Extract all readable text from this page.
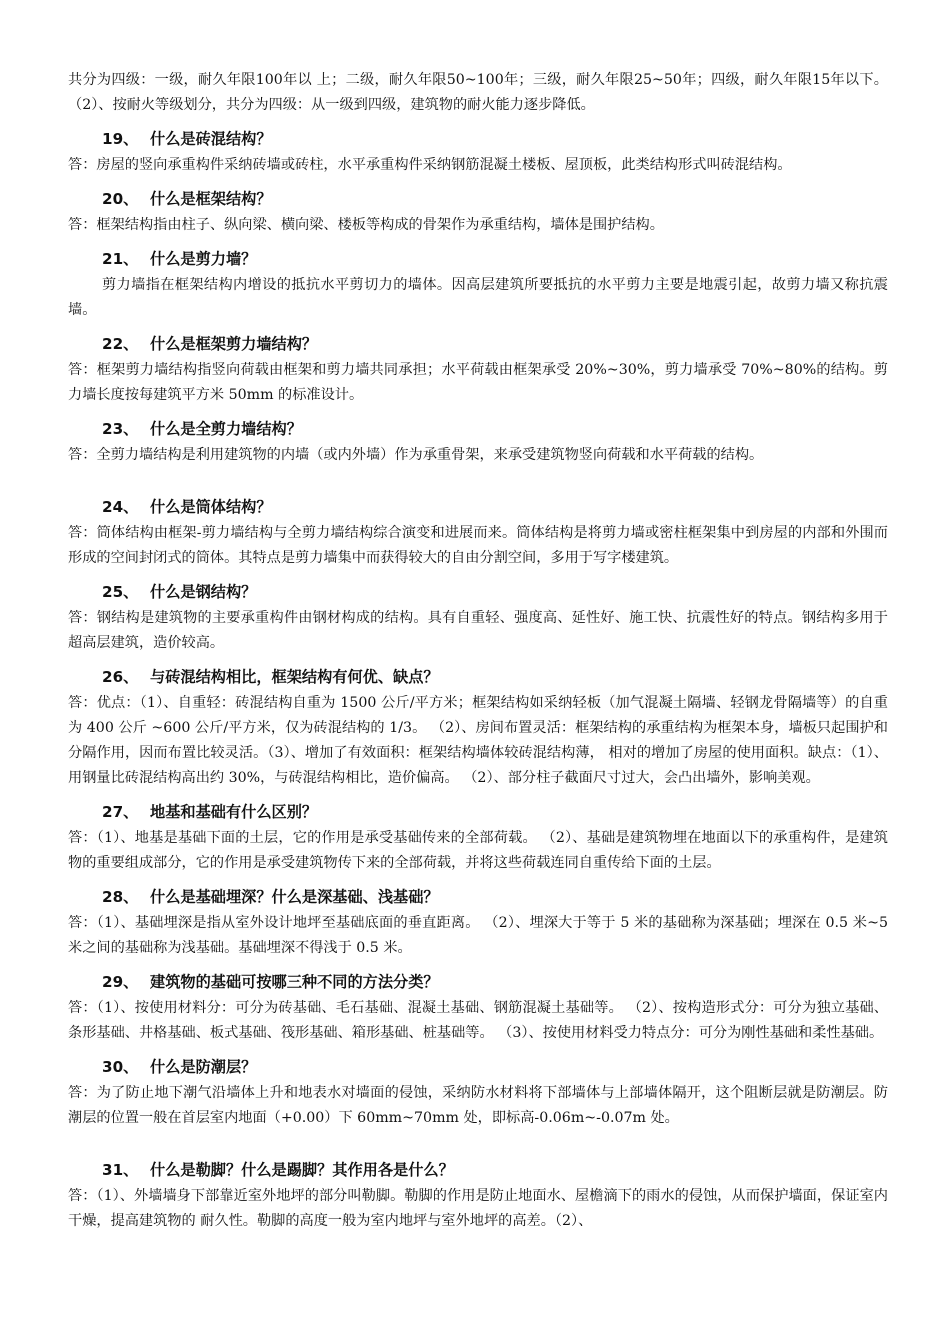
共分为四级：一级，耐久年限100年以 上；二级，耐久年限50~100年；三级，耐久年限25~50年；四级，耐久年限15年以下。 （2）、按耐火等级划分，共分为四级：从一级到四级，建筑物的耐火能力逐步降低。

19、 什么是砖混结构？

答：房屋的竖向承重构件采纳砖墙或砖柱，水平承重构件采纳钢筋混凝土楼板、屋顶板，此类结构形式叫砖混结构。

20、 什么是框架结构？

答：框架结构指由柱子、纵向梁、横向梁、楼板等构成的骨架作为承重结构，墙体是围护结构。

21、 什么是剪力墙？

剪力墙指在框架结构内增设的抵抗水平剪切力的墙体。因高层建筑所要抵抗的水平剪力主要是地震引起，故剪力墙又称抗震墙。

22、 什么是框架剪力墙结构？

答：框架剪力墙结构指竖向荷载由框架和剪力墙共同承担；水平荷载由框架承受 20%~30%，剪力墙承受 70%~80%的结构。剪力墙长度按每建筑平方米 50mm 的标准设计。

23、 什么是全剪力墙结构？

答：全剪力墙结构是利用建筑物的内墙（或内外墙）作为承重骨架，来承受建筑物竖向荷载和水平荷载的结构。

24、 什么是筒体结构？

答：筒体结构由框架-剪力墙结构与全剪力墙结构综合演变和进展而来。筒体结构是将剪力墙或密柱框架集中到房屋的内部和外围而形成的空间封闭式的筒体。其特点是剪力墙集中而获得较大的自由分割空间，多用于写字楼建筑。

25、 什么是钢结构？

答：钢结构是建筑物的主要承重构件由钢材构成的结构。具有自重轻、强度高、延性好、施工快、抗震性好的特点。钢结构多用于超高层建筑，造价较高。

26、 与砖混结构相比，框架结构有何优、缺点？

答：优点：（1）、自重轻：砖混结构自重为 1500 公斤/平方米；框架结构如采纳轻板（加气混凝土隔墙、轻钢龙骨隔墙等）的自重为 400 公斤 ~600 公斤/平方米，仅为砖混结构的 1/3。 （2）、房间布置灵活：框架结构的承重结构为框架本身，墙板只起围护和分隔作用，因而布置比较灵活。（3）、增加了有效面积：框架结构墙体较砖混结构薄， 相对的增加了房屋的使用面积。缺点：（1）、用钢量比砖混结构高出约 30%，与砖混结构相比，造价偏高。 （2）、部分柱子截面尺寸过大，会凸出墙外，影响美观。

27、 地基和基础有什么区别？

答：（1）、地基是基础下面的土层，它的作用是承受基础传来的全部荷载。 （2）、基础是建筑物埋在地面以下的承重构件，是建筑物的重要组成部分，它的作用是承受建筑物传下来的全部荷载，并将这些荷载连同自重传给下面的土层。

28、 什么是基础埋深？什么是深基础、浅基础？

答：（1）、基础埋深是指从室外设计地坪至基础底面的垂直距离。 （2）、埋深大于等于 5 米的基础称为深基础；埋深在 0.5 米~5 米之间的基础称为浅基础。基础埋深不得浅于 0.5 米。

29、 建筑物的基础可按哪三种不同的方法分类？

答：（1）、按使用材料分：可分为砖基础、毛石基础、混凝土基础、钢筋混凝土基础等。 （2）、按构造形式分：可分为独立基础、条形基础、井格基础、板式基础、筏形基础、箱形基础、桩基础等。 （3）、按使用材料受力特点分：可分为刚性基础和柔性基础。

30、 什么是防潮层？

答：为了防止地下潮气沿墙体上升和地表水对墙面的侵蚀，采纳防水材料将下部墙体与上部墙体隔开，这个阻断层就是防潮层。防潮层的位置一般在首层室内地面（+0.00）下 60mm~70mm 处，即标高-0.06m~-0.07m 处。

31、 什么是勒脚？什么是踢脚？其作用各是什么？

答：（1）、外墙墙身下部靠近室外地坪的部分叫勒脚。勒脚的作用是防止地面水、屋檐滴下的雨水的侵蚀，从而保护墙面，保证室内干燥，提高建筑物的 耐久性。勒脚的高度一般为室内地坪与室外地坪的高差。（2）、
